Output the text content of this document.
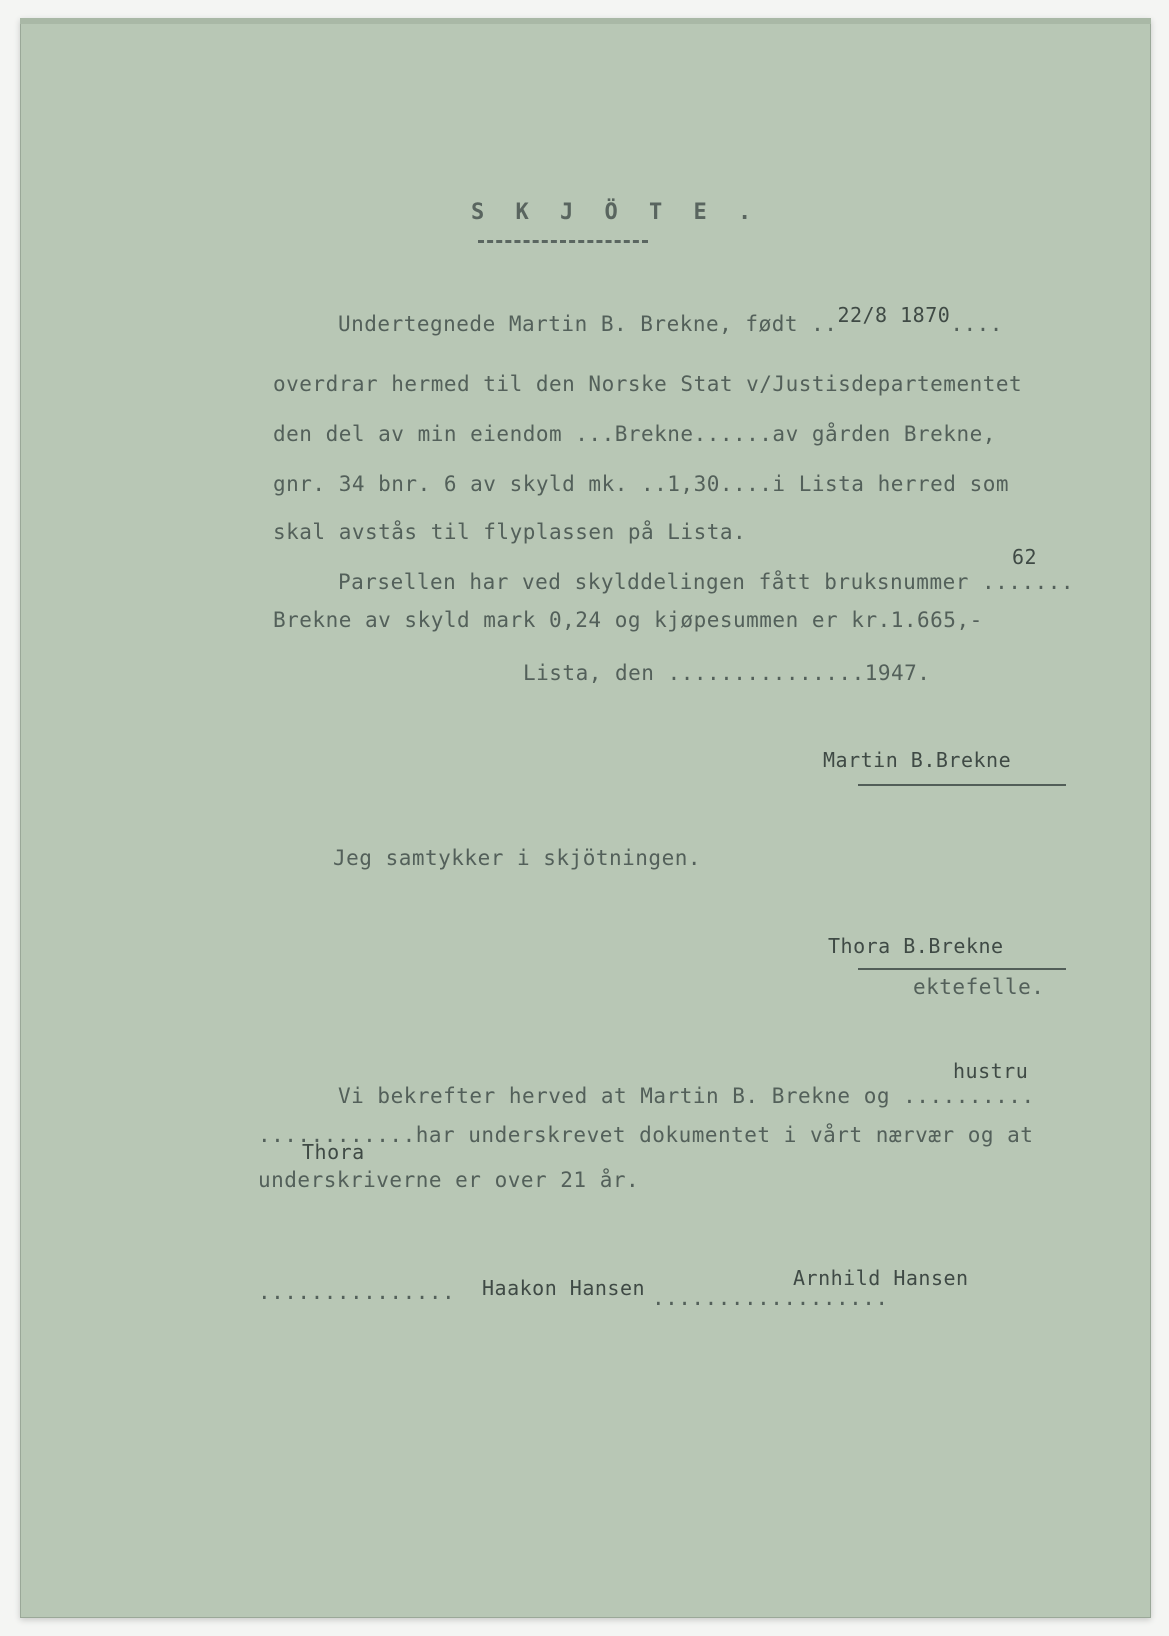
S K J Ö T E .
Undertegnede Martin B. Brekne, født ..22/8 1870....
overdrar hermed til den Norske Stat v/Justisdepartementet
den del av min eiendom ...Brekne......av gården Brekne,
gnr. 34 bnr. 6 av skyld mk. ..1,30....i Lista herred som
skal avstås til flyplassen på Lista.
62
Parsellen har ved skylddelingen fått bruksnummer .......
Brekne av skyld mark 0,24 og kjøpesummen er kr.1.665,-
Lista, den ...............1947.
Martin B.Brekne
Jeg samtykker i skjötningen.
Thora B.Brekne
ektefelle.
hustru
Vi bekrefter herved at Martin B. Brekne og ..........
............har underskrevet dokumentet i vårt nærvær og at
Thora
underskriverne er over 21 år.
............... Haakon Hansen ..................
Arnhild Hansen
